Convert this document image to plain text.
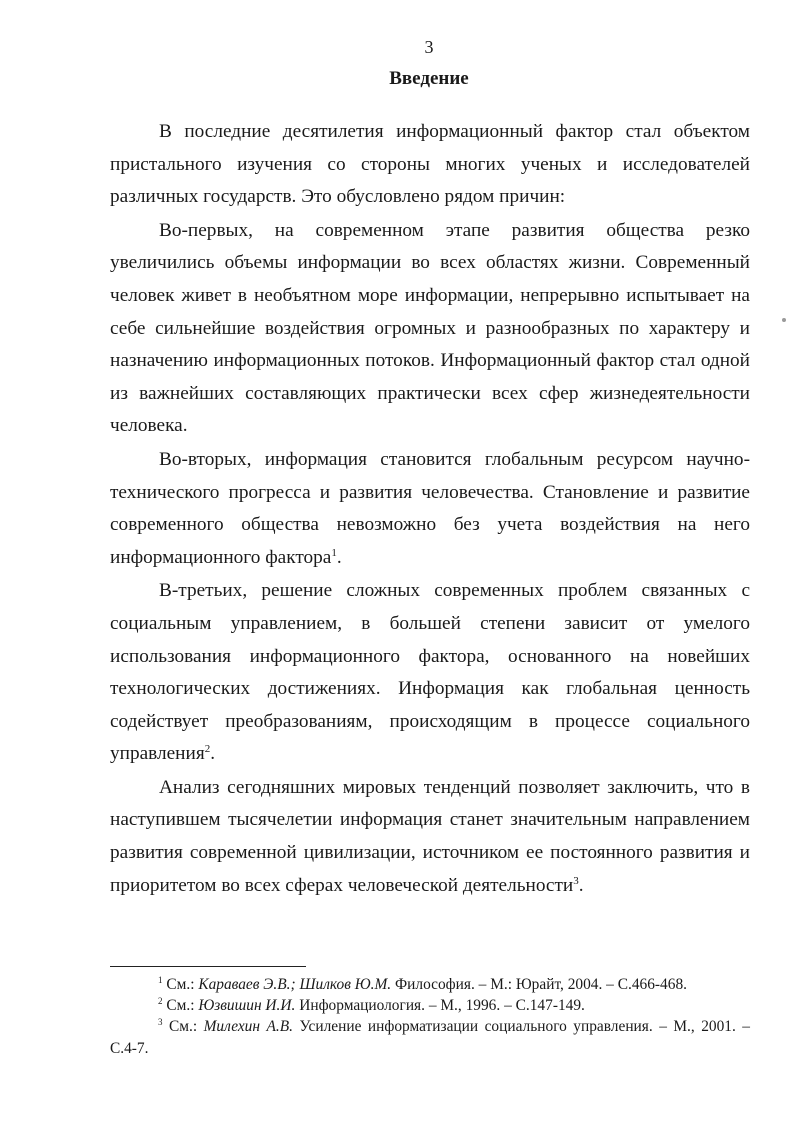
3
Введение

В последние десятилетия информационный фактор стал объектом пристального изучения со стороны многих ученых и исследователей различных государств. Это обусловлено рядом причин:

Во-первых, на современном этапе развития общества резко увеличились объемы информации во всех областях жизни. Современный человек живет в необъятном море информации, непрерывно испытывает на себе сильнейшие воздействия огромных и разнообразных по характеру и назначению информационных потоков. Информационный фактор стал одной из важнейших составляющих практически всех сфер жизнедеятельности человека.

Во-вторых, информация становится глобальным ресурсом научно-технического прогресса и развития человечества. Становление и развитие современного общества невозможно без учета воздействия на него информационного фактора$^1$.

В-третьих, решение сложных современных проблем связанных с социальным управлением, в большей степени зависит от умелого использования информационного фактора, основанного на новейших технологических достижениях. Информация как глобальная ценность содействует преобразованиям, происходящим в процессе социального управления$^2$.

Анализ сегодняшних мировых тенденций позволяет заключить, что в наступившем тысячелетии информация станет значительным направлением развития современной цивилизации, источником ее постоянного развития и приоритетом во всех сферах человеческой деятельности$^3$.

$^1$ См.: Караваев Э.В.; Шилков Ю.М. Философия. – М.: Юрайт, 2004. – С.466-468.

$^2$ См.: Юзвишин И.И. Информациология. – М., 1996. – С.147-149.

$^3$ См.: Милехин А.В. Усиление информатизации социального управления. – М., 2001. – С.4-7.
